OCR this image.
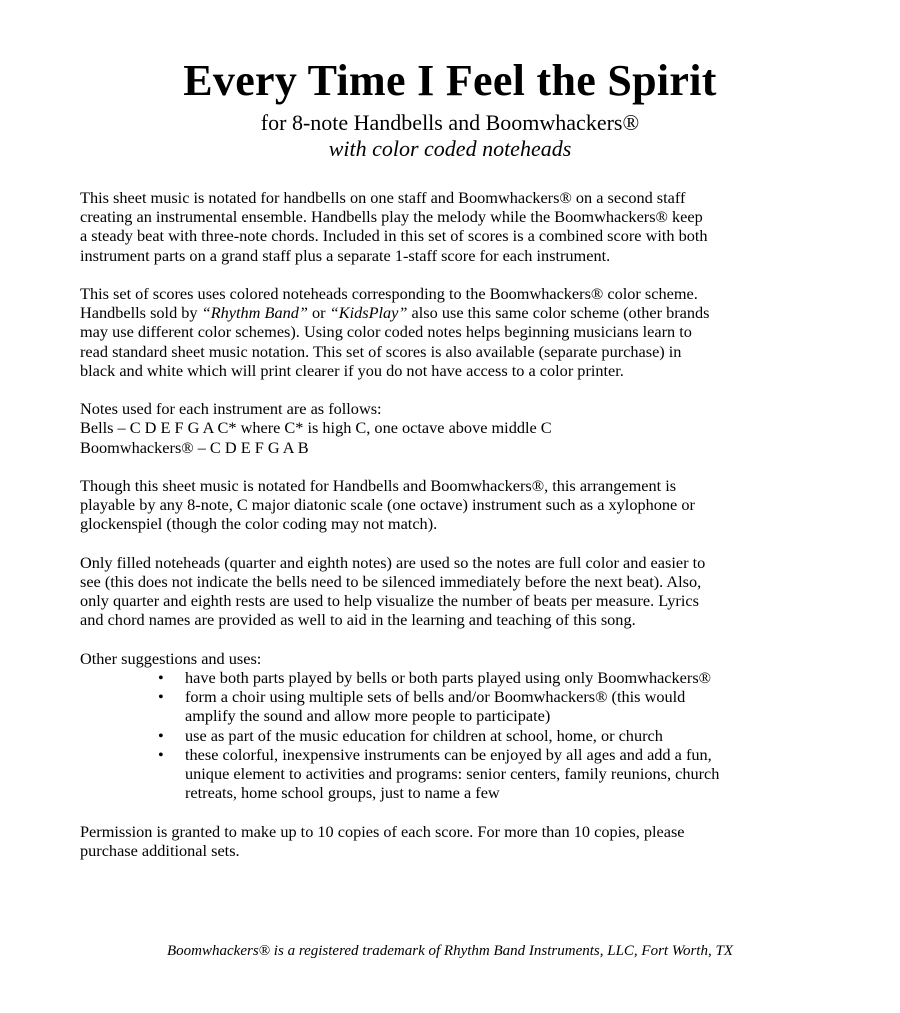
Every Time I Feel the Spirit
for 8-note Handbells and Boomwhackers®
with color coded noteheads

This sheet music is notated for handbells on one staff and Boomwhackers® on a second staff
creating an instrumental ensemble. Handbells play the melody while the Boomwhackers® keep
a steady beat with three-note chords. Included in this set of scores is a combined score with both
instrument parts on a grand staff plus a separate 1-staff score for each instrument.

This set of scores uses colored noteheads corresponding to the Boomwhackers® color scheme.
Handbells sold by “Rhythm Band” or “KidsPlay” also use this same color scheme (other brands
may use different color schemes). Using color coded notes helps beginning musicians learn to
read standard sheet music notation. This set of scores is also available (separate purchase) in
black and white which will print clearer if you do not have access to a color printer.

Notes used for each instrument are as follows:
Bells – C D E F G A C* where C* is high C, one octave above middle C
Boomwhackers® – C D E F G A B

Though this sheet music is notated for Handbells and Boomwhackers®, this arrangement is
playable by any 8-note, C major diatonic scale (one octave) instrument such as a xylophone or
glockenspiel (though the color coding may not match).

Only filled noteheads (quarter and eighth notes) are used so the notes are full color and easier to
see (this does not indicate the bells need to be silenced immediately before the next beat). Also,
only quarter and eighth rests are used to help visualize the number of beats per measure. Lyrics
and chord names are provided as well to aid in the learning and teaching of this song.

Other suggestions and uses:
• have both parts played by bells or both parts played using only Boomwhackers®
• form a choir using multiple sets of bells and/or Boomwhackers® (this would
amplify the sound and allow more people to participate)
• use as part of the music education for children at school, home, or church
• these colorful, inexpensive instruments can be enjoyed by all ages and add a fun,
unique element to activities and programs: senior centers, family reunions, church
retreats, home school groups, just to name a few

Permission is granted to make up to 10 copies of each score. For more than 10 copies, please
purchase additional sets.

Boomwhackers® is a registered trademark of Rhythm Band Instruments, LLC, Fort Worth, TX
